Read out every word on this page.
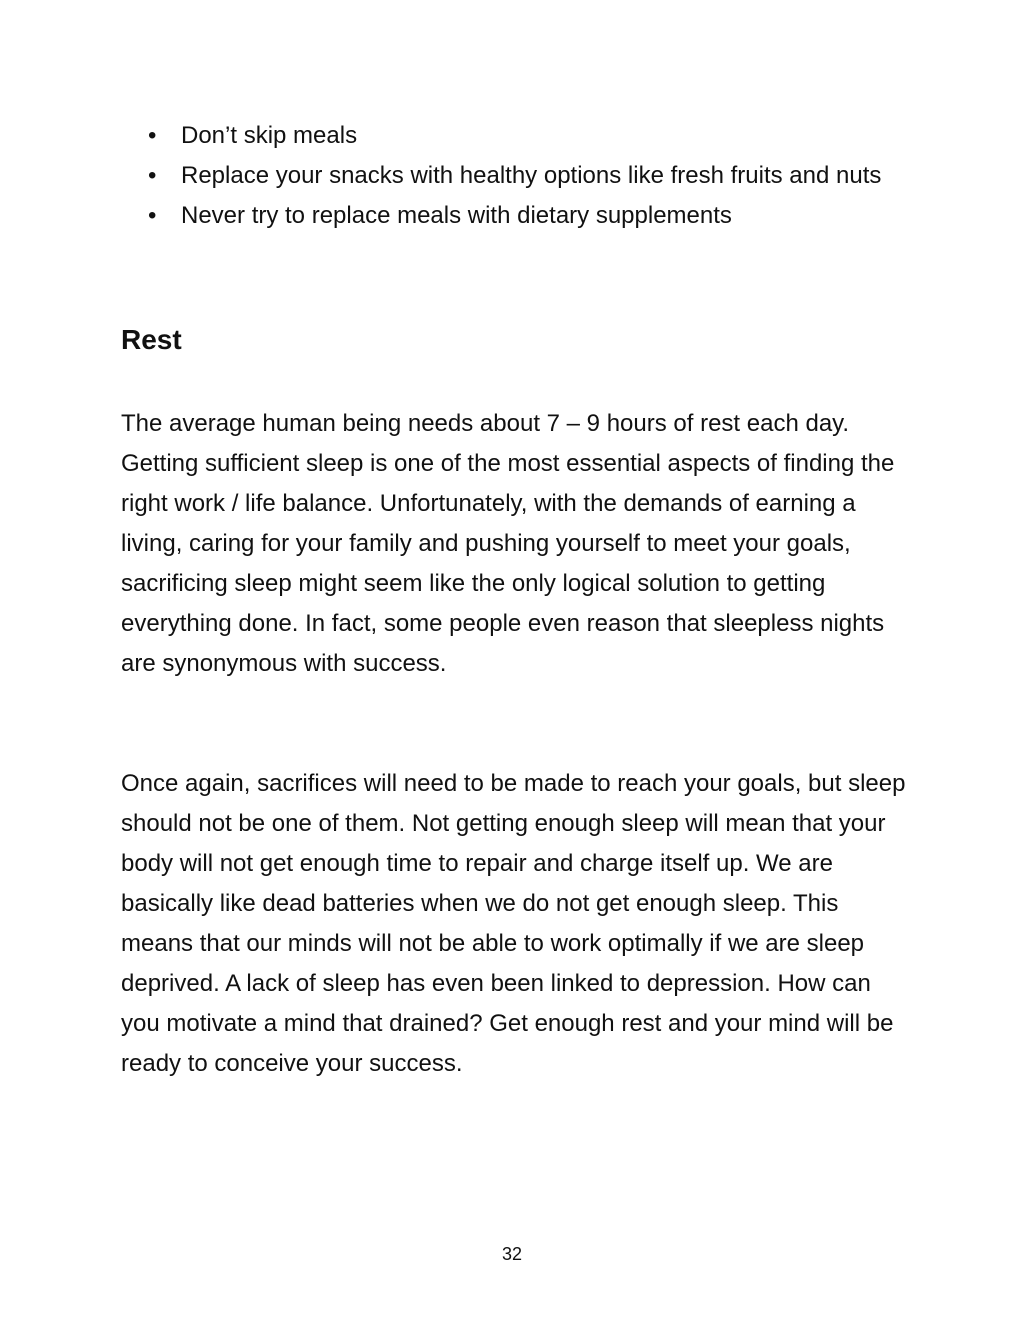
• Don’t skip meals
• Replace your snacks with healthy options like fresh fruits and nuts
• Never try to replace meals with dietary supplements
Rest

The average human being needs about 7 – 9 hours of rest each day. Getting sufficient sleep is one of the most essential aspects of finding the right work / life balance. Unfortunately, with the demands of earning a living, caring for your family and pushing yourself to meet your goals, sacrificing sleep might seem like the only logical solution to getting everything done. In fact, some people even reason that sleepless nights are synonymous with success.

Once again, sacrifices will need to be made to reach your goals, but sleep should not be one of them. Not getting enough sleep will mean that your body will not get enough time to repair and charge itself up. We are basically like dead batteries when we do not get enough sleep. This means that our minds will not be able to work optimally if we are sleep deprived. A lack of sleep has even been linked to depression. How can you motivate a mind that drained? Get enough rest and your mind will be ready to conceive your success.

32
